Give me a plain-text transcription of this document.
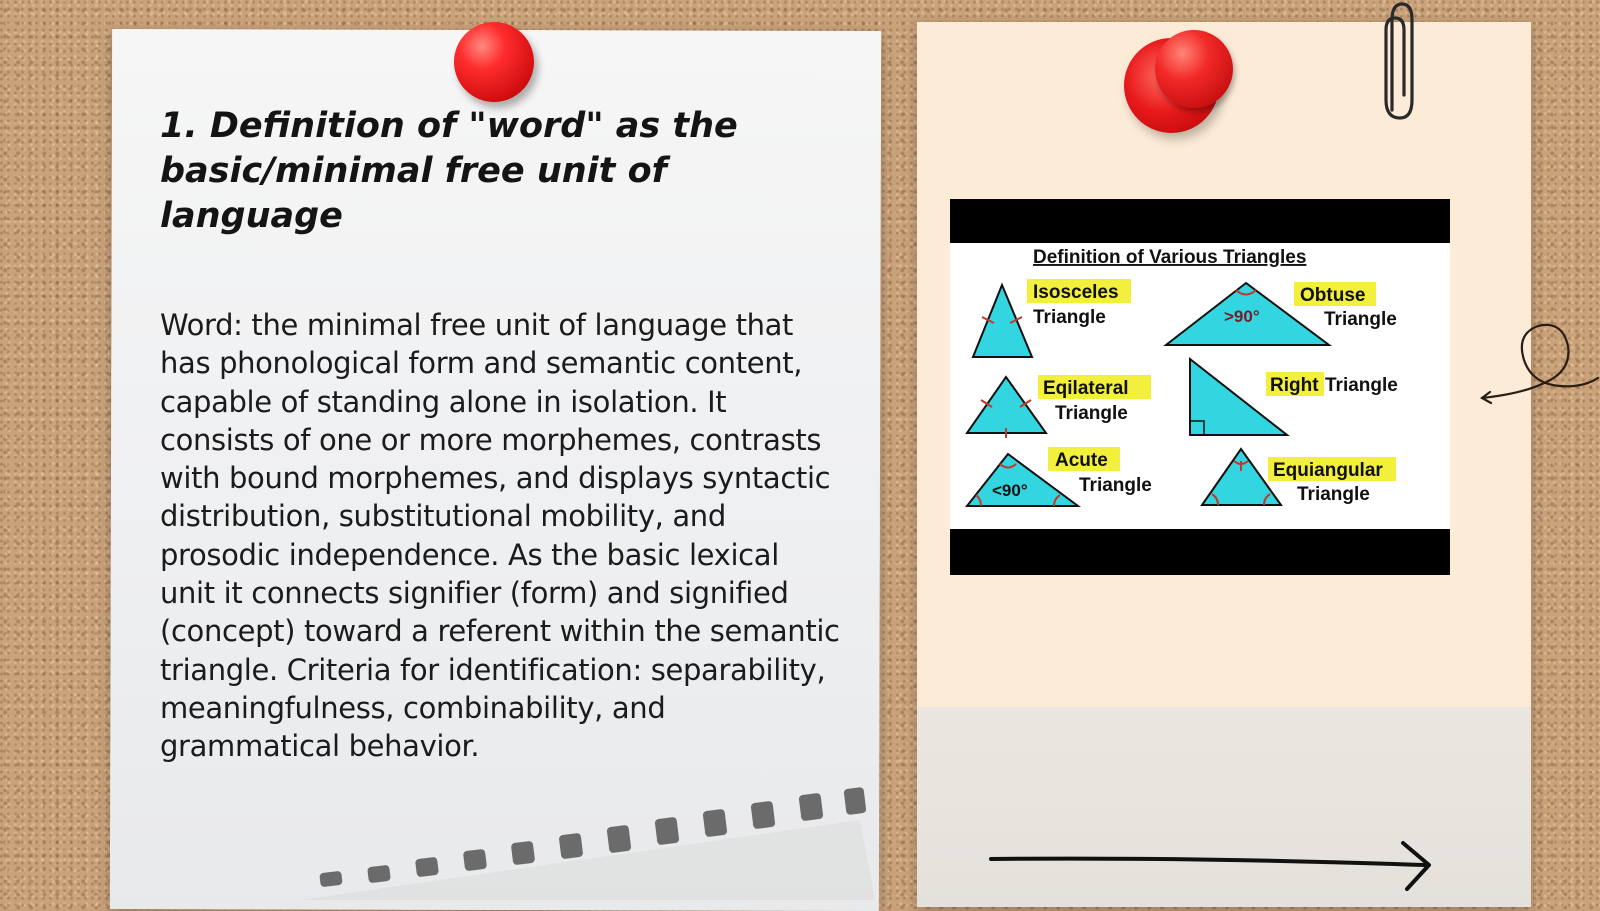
1. Definition of "word" as the basic/minimal free unit of language

Word: the minimal free unit of language that has phonological form and semantic content, capable of standing alone in isolation. It consists of one or more morphemes, contrasts with bound morphemes, and displays syntactic distribution, substitutional mobility, and prosodic independence. As the basic lexical unit it connects signifier (form) and signified (concept) toward a referent within the semantic triangle. Criteria for identification: separability, meaningfulness, combinability, and grammatical behavior.

Definition of Various Triangles
Isosceles
Triangle	>90°
Obtuse
Triangle
Eqilateral
Triangle
Right Triangle
<90°
Acute
Triangle
Equiangular
Triangle
